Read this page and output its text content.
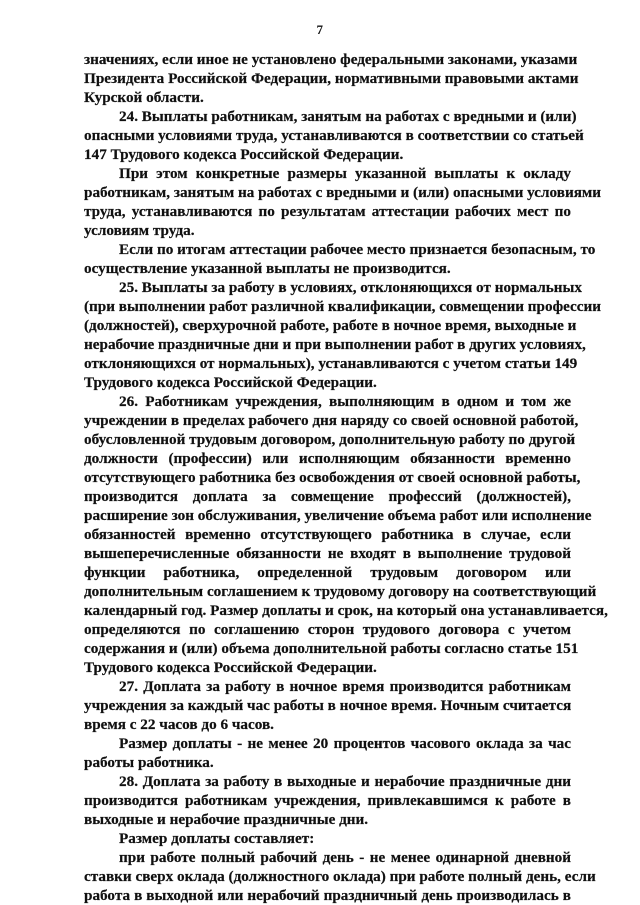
7
значениях, если иное не установлено федеральными законами, указами
Президента Российской Федерации, нормативными правовыми актами
Курской области.
24. Выплаты работникам, занятым на работах с вредными и (или)
опасными условиями труда, устанавливаются в соответствии со статьей
147 Трудового кодекса Российской Федерации.
При этом конкретные размеры указанной выплаты к окладу
работникам, занятым на работах с вредными и (или) опасными условиями
труда, устанавливаются по результатам аттестации рабочих мест по
условиям труда.
Если по итогам аттестации рабочее место признается безопасным, то
осуществление указанной выплаты не производится.
25. Выплаты за работу в условиях, отклоняющихся от нормальных
(при выполнении работ различной квалификации, совмещении профессии
(должностей), сверхурочной работе, работе в ночное время, выходные и
нерабочие праздничные дни и при выполнении работ в других условиях,
отклоняющихся от нормальных), устанавливаются с учетом статьи 149
Трудового кодекса Российской Федерации.
26. Работникам учреждения, выполняющим в одном и том же
учреждении в пределах рабочего дня наряду со своей основной работой,
обусловленной трудовым договором, дополнительную работу по другой
должности (профессии) или исполняющим обязанности временно
отсутствующего работника без освобождения от своей основной работы,
производится доплата за совмещение профессий (должностей),
расширение зон обслуживания, увеличение объема работ или исполнение
обязанностей временно отсутствующего работника в случае, если
вышеперечисленные обязанности не входят в выполнение трудовой
функции работника, определенной трудовым договором или
дополнительным соглашением к трудовому договору на соответствующий
календарный год. Размер доплаты и срок, на который она устанавливается,
определяются по соглашению сторон трудового договора с учетом
содержания и (или) объема дополнительной работы согласно статье 151
Трудового кодекса Российской Федерации.
27. Доплата за работу в ночное время производится работникам
учреждения за каждый час работы в ночное время. Ночным считается
время с 22 часов до 6 часов.
Размер доплаты - не менее 20 процентов часового оклада за час
работы работника.
28. Доплата за работу в выходные и нерабочие праздничные дни
производится работникам учреждения, привлекавшимся к работе в
выходные и нерабочие праздничные дни.
Размер доплаты составляет:
при работе полный рабочий день - не менее одинарной дневной
ставки сверх оклада (должностного оклада) при работе полный день, если
работа в выходной или нерабочий праздничный день производилась в
